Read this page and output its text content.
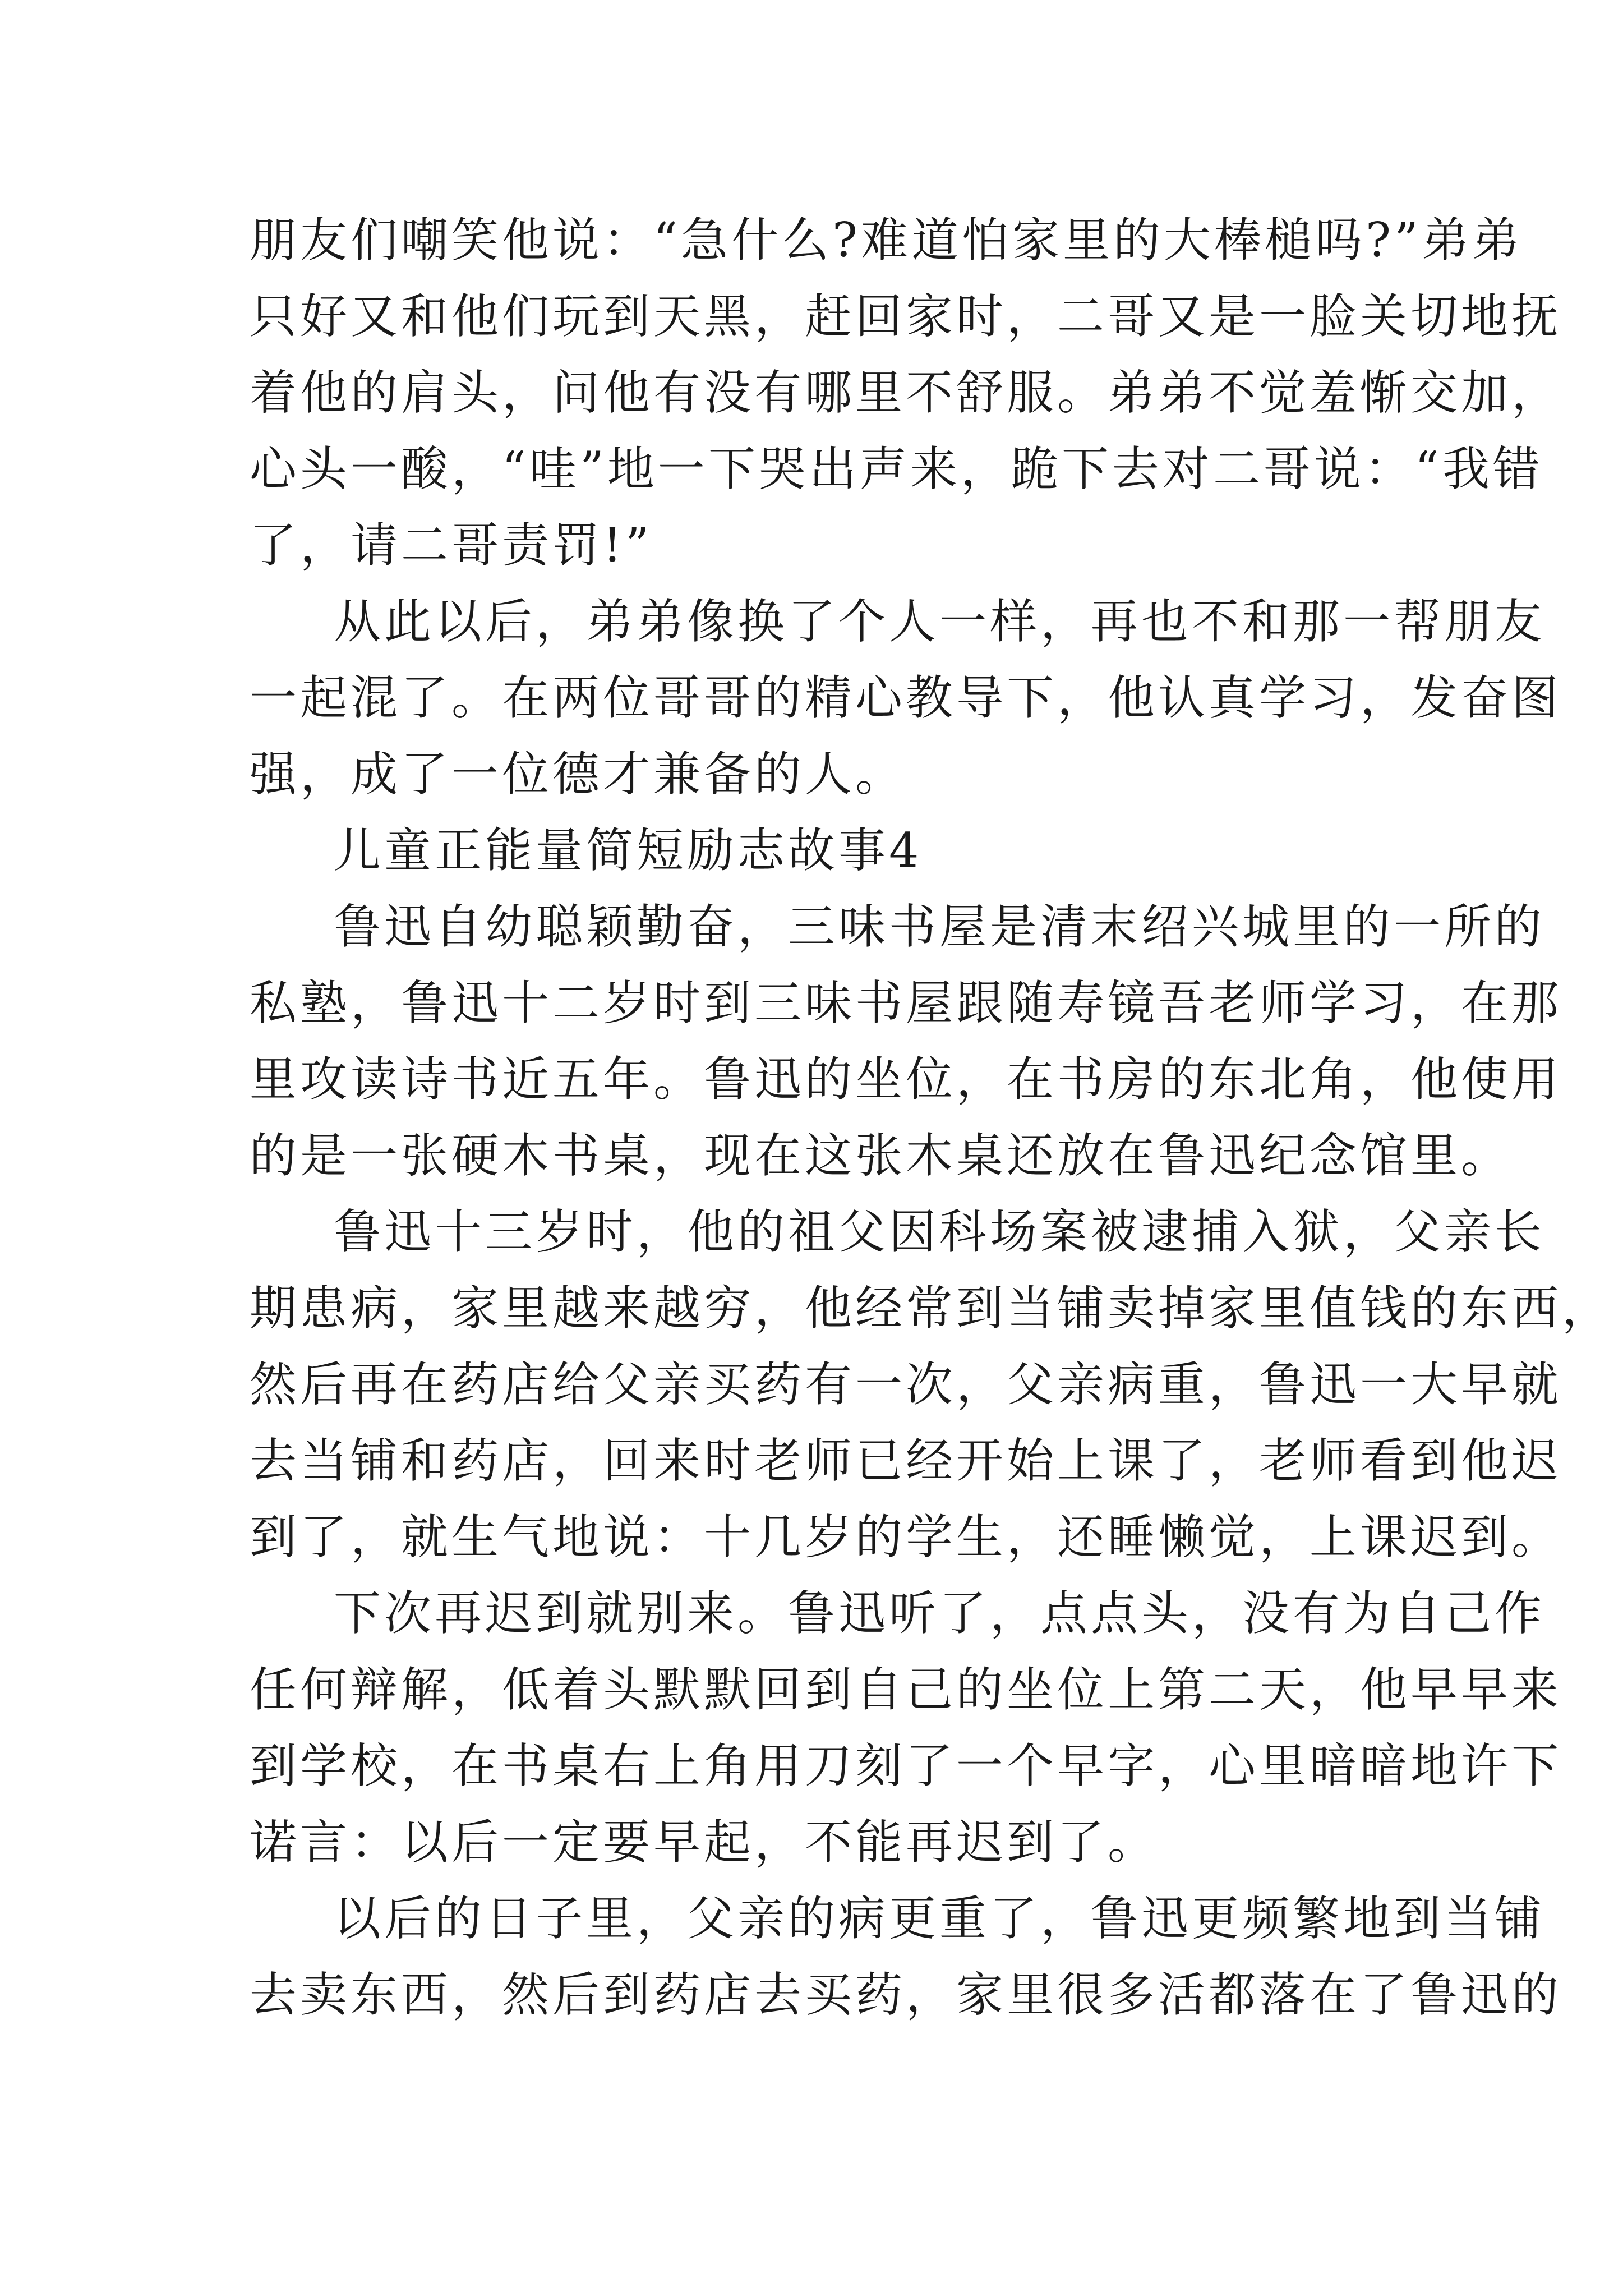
朋友们嘲笑他说：“急什么?难道怕家里的大棒槌吗?”弟弟
只好又和他们玩到天黑，赶回家时，二哥又是一脸关切地抚
着他的肩头，问他有没有哪里不舒服。弟弟不觉羞惭交加，
心头一酸，“哇”地一下哭出声来，跪下去对二哥说：“我错
了，请二哥责罚!”
从此以后，弟弟像换了个人一样，再也不和那一帮朋友
一起混了。在两位哥哥的精心教导下，他认真学习，发奋图
强，成了一位德才兼备的人。
儿童正能量简短励志故事4
鲁迅自幼聪颖勤奋，三味书屋是清末绍兴城里的一所的
私塾，鲁迅十二岁时到三味书屋跟随寿镜吾老师学习，在那
里攻读诗书近五年。鲁迅的坐位，在书房的东北角，他使用
的是一张硬木书桌，现在这张木桌还放在鲁迅纪念馆里。
鲁迅十三岁时，他的祖父因科场案被逮捕入狱，父亲长
期患病，家里越来越穷，他经常到当铺卖掉家里值钱的东西，
然后再在药店给父亲买药有一次，父亲病重，鲁迅一大早就
去当铺和药店，回来时老师已经开始上课了，老师看到他迟
到了，就生气地说：十几岁的学生，还睡懒觉，上课迟到。
下次再迟到就别来。鲁迅听了，点点头，没有为自己作
任何辩解，低着头默默回到自己的坐位上第二天，他早早来
到学校，在书桌右上角用刀刻了一个早字，心里暗暗地许下
诺言：以后一定要早起，不能再迟到了。
以后的日子里，父亲的病更重了，鲁迅更频繁地到当铺
去卖东西，然后到药店去买药，家里很多活都落在了鲁迅的
